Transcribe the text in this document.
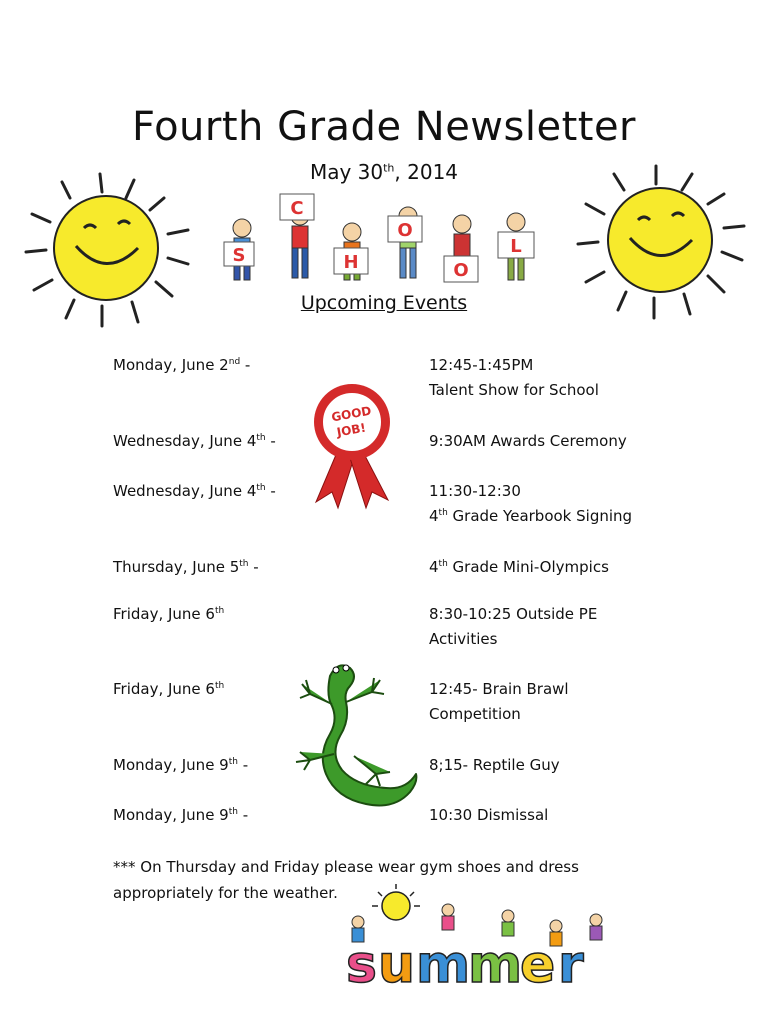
Fourth Grade Newsletter
May 30th, 2014
S
C
H
O
O
L
Upcoming Events
GOOD
JOB!
Monday, June 2nd -	12:45-1:45PM
Talent Show for School
Wednesday, June 4th -	9:30AM Awards Ceremony
Wednesday, June 4th -	11:30-12:30
4th Grade Yearbook Signing
Thursday, June 5th -	4th Grade Mini-Olympics
Friday, June 6th	8:30-10:25 Outside PE
Activities
Friday, June 6th	12:45- Brain Brawl
Competition
Monday, June 9th -	8;15- Reptile Guy
Monday, June 9th -	10:30 Dismissal
*** On Thursday and Friday please wear gym shoes and dress
appropriately for the weather.
s u m
m
e r
